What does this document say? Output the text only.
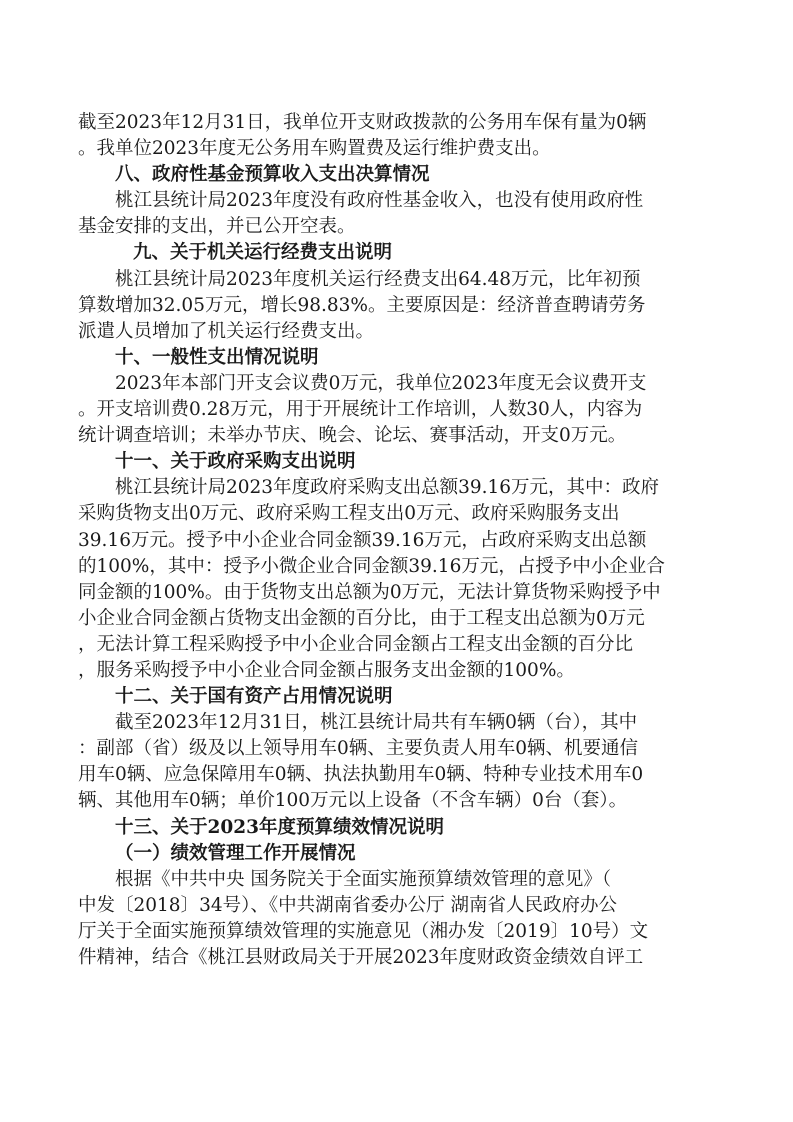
截至2023年12月31日，我单位开支财政拨款的公务用车保有量为0辆
。我单位2023年度无公务用车购置费及运行维护费支出。
八、政府性基金预算收入支出决算情况
桃江县统计局2023年度没有政府性基金收入，也没有使用政府性
基金安排的支出，并已公开空表。
九、关于机关运行经费支出说明
桃江县统计局2023年度机关运行经费支出64.48万元，比年初预
算数增加32.05万元，增长98.83%。主要原因是：经济普查聘请劳务
派遣人员增加了机关运行经费支出。
十、一般性支出情况说明
2023年本部门开支会议费0万元，我单位2023年度无会议费开支
。开支培训费0.28万元，用于开展统计工作培训，人数30人，内容为
统计调查培训；未举办节庆、晚会、论坛、赛事活动，开支0万元。
十一、关于政府采购支出说明
桃江县统计局2023年度政府采购支出总额39.16万元，其中：政府
采购货物支出0万元、政府采购工程支出0万元、政府采购服务支出
39.16万元。授予中小企业合同金额39.16万元，占政府采购支出总额
的100%，其中：授予小微企业合同金额39.16万元，占授予中小企业合
同金额的100%。由于货物支出总额为0万元，无法计算货物采购授予中
小企业合同金额占货物支出金额的百分比，由于工程支出总额为0万元
，无法计算工程采购授予中小企业合同金额占工程支出金额的百分比
，服务采购授予中小企业合同金额占服务支出金额的100%。
十二、关于国有资产占用情况说明
截至2023年12月31日，桃江县统计局共有车辆0辆（台），其中
：副部（省）级及以上领导用车0辆、主要负责人用车0辆、机要通信
用车0辆、应急保障用车0辆、执法执勤用车0辆、特种专业技术用车0
辆、其他用车0辆；单价100万元以上设备（不含车辆）0台（套）。
十三、关于2023年度预算绩效情况说明
（一）绩效管理工作开展情况
根据《中共中央 国务院关于全面实施预算绩效管理的意见》（
中发〔2018〕34号）、《中共湖南省委办公厅 湖南省人民政府办公
厅关于全面实施预算绩效管理的实施意见（湘办发〔2019〕10号）文
件精神，结合《桃江县财政局关于开展2023年度财政资金绩效自评工
